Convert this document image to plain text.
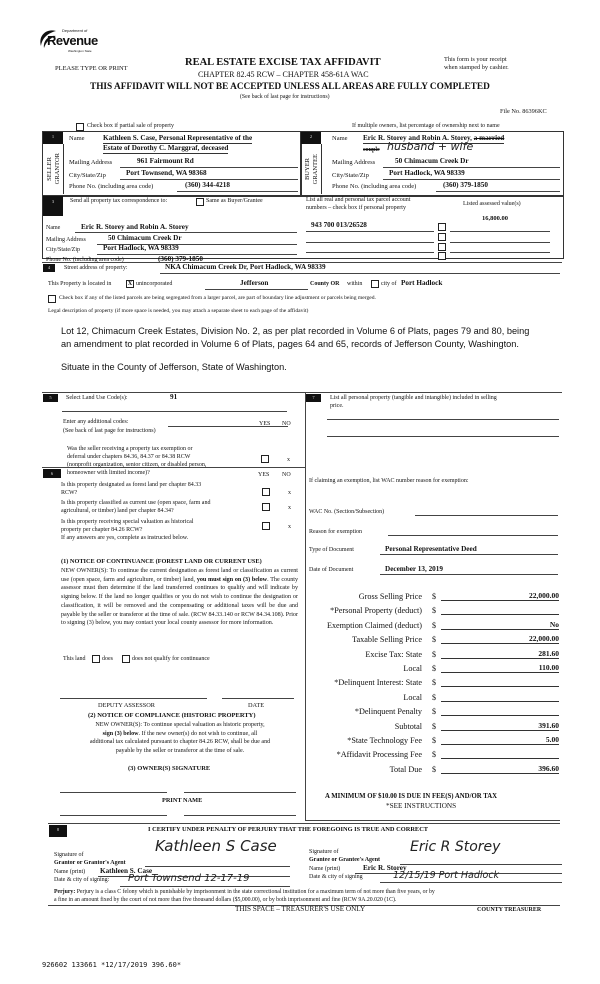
Department of
Revenue
Washington State
PLEASE TYPE OR PRINT
REAL ESTATE EXCISE TAX AFFIDAVIT
CHAPTER 82.45 RCW – CHAPTER 458-61A WAC
THIS AFFIDAVIT WILL NOT BE ACCEPTED UNLESS ALL AREAS ARE FULLY COMPLETED
(See back of last page for instructions)
This form is your receipt
when stamped by cashier.
File No. 86396KC
Check box if partial sale of property	If multiple owners, list percentage of ownership next to name
1
SELLER GRANTOR
Name	Kathleen S. Case, Personal Representative of the
Estate of Dorothy C. Marggraf, deceased
Mailing Address	961 Fairmount Rd
City/State/Zip	Port Townsend, WA 98368
Phone No. (including area code)	(360) 344-4218
2
BUYER GRANTEE
Name Eric R. Storey and Robin A. Storey, a married
couple husband + wife
Mailing Address	50 Chimacum Creek Dr
City/State/Zip	Port Hadlock, WA 98339
Phone No. (including area code)	(360) 379-1850
3	Send all property tax correspondence to:	Same as Buyer/Grantee
Name	Eric R. Storey and Robin A. Storey
Mailing Address	50 Chimacum Creek Dr
City/State/Zip	Port Hadlock, WA 98339
Phone No. (including area code)	(360) 379-1850
List all real and personal tax parcel account
numbers – check box if personal property
Listed assessed value(s)
943 700 013/26528
16,800.00
4	Street address of property:	NKA Chimacum Creek Dr, Port Hadlock, WA 98339
This Property is located in	X unincorporated	Jefferson	County OR within	city of Port Hadlock
Check box if any of the listed parcels are being segregated from a larger parcel, are part of boundary line adjustment or parcels being merged.
Legal description of property (if more space is needed, you may attach a separate sheet to each page of the affidavit)
Lot 12, Chimacum Creek Estates, Division No. 2, as per plat recorded in Volume 6 of Plats, pages 79 and 80, being
an amendment to plat recorded in Volume 6 of Plats, pages 64 and 65, records of Jefferson County, Washington.
Situate in the County of Jefferson, State of Washington.
5	Select Land Use Code(s):	91
Enter any additional codes:
(See back of last page for instructions)
Was the seller receiving a property tax exemption or
deferral under chapters 84.36, 84.37 or 84.38 RCW
(nonprofit organization, senior citizen, or disabled person,
homeowner with limited income)?
YES NO
x
6	YES NO
Is this property designated as forest land per chapter 84.33
RCW?	x
Is this property classified as current use (open space, farm and
agricultural, or timber) land per chapter 84.34?	x
Is this property receiving special valuation as historical
property per chapter 84.26 RCW?	x
If any answers are yes, complete as instructed below.
(1) NOTICE OF CONTINUANCE (FOREST LAND OR CURRENT USE)
NEW OWNER(S): To continue the current designation as forest land or classification as current use (open space, farm and agriculture, or timber) land, you must sign on (3) below. The county assessor must then determine if the land transferred continues to qualify and will indicate by signing below. If the land no longer qualifies or you do not wish to continue the designation or classification, it will be removed and the compensating or additional taxes will be due and payable by the seller or transferor at the time of sale. (RCW 84.33.140 or RCW 84.34.108). Prior to signing (3) below, you may contact your local county assessor for more information.
This land	does	does not qualify for continuance
DEPUTY ASSESSOR	DATE
(2) NOTICE OF COMPLIANCE (HISTORIC PROPERTY)
NEW OWNER(S): To continue special valuation as historic property,
sign (3) below. If the new owner(s) do not wish to continue, all
additional tax calculated pursuant to chapter 84.26 RCW, shall be due and
payable by the seller or transferor at the time of sale.
(3) OWNER(S) SIGNATURE
PRINT NAME
7	List all personal property (tangible and intangible) included in selling
price.
If claiming an exemption, list WAC number reason for exemption:
WAC No. (Section/Subsection)
Reason for exemption
Type of Document	Personal Representative Deed
Date of Document	December 13, 2019
Gross Selling Price $	22,000.00
*Personal Property (deduct) $
Exemption Claimed (deduct) $	No
Taxable Selling Price $	22,000.00
Excise Tax: State $	281.60
Local $	110.00
*Delinquent Interest: State $
Local $
*Delinquent Penalty $
Subtotal $	391.60
*State Technology Fee $	5.00
*Affidavit Processing Fee $
Total Due $	396.60
A MINIMUM OF $10.00 IS DUE IN FEE(S) AND/OR TAX
*SEE INSTRUCTIONS
8	I CERTIFY UNDER PENALTY OF PERJURY THAT THE FOREGOING IS TRUE AND CORRECT
Signature of
Grantor or Grantor's Agent
Kathleen S Case
Name (print) Kathleen S. Case
Date & city of signing: Port Townsend 12-17-19
Signature of
Grantee or Grantee's Agent
Eric R Storey
Name (print)	Eric R. Storey
Date & city of signing	12/15/19 Port Hadlock
Perjury: Perjury is a class C felony which is punishable by imprisonment in the state correctional institution for a maximum term of not more than five years, or by
a fine in an amount fixed by the court of not more than five thousand dollars ($5,000.00), or by both imprisonment and fine (RCW 9A.20.020 (1C).
THIS SPACE – TREASURER'S USE ONLY	COUNTY TREASURER
926602 133661 *12/17/2019 396.60*
